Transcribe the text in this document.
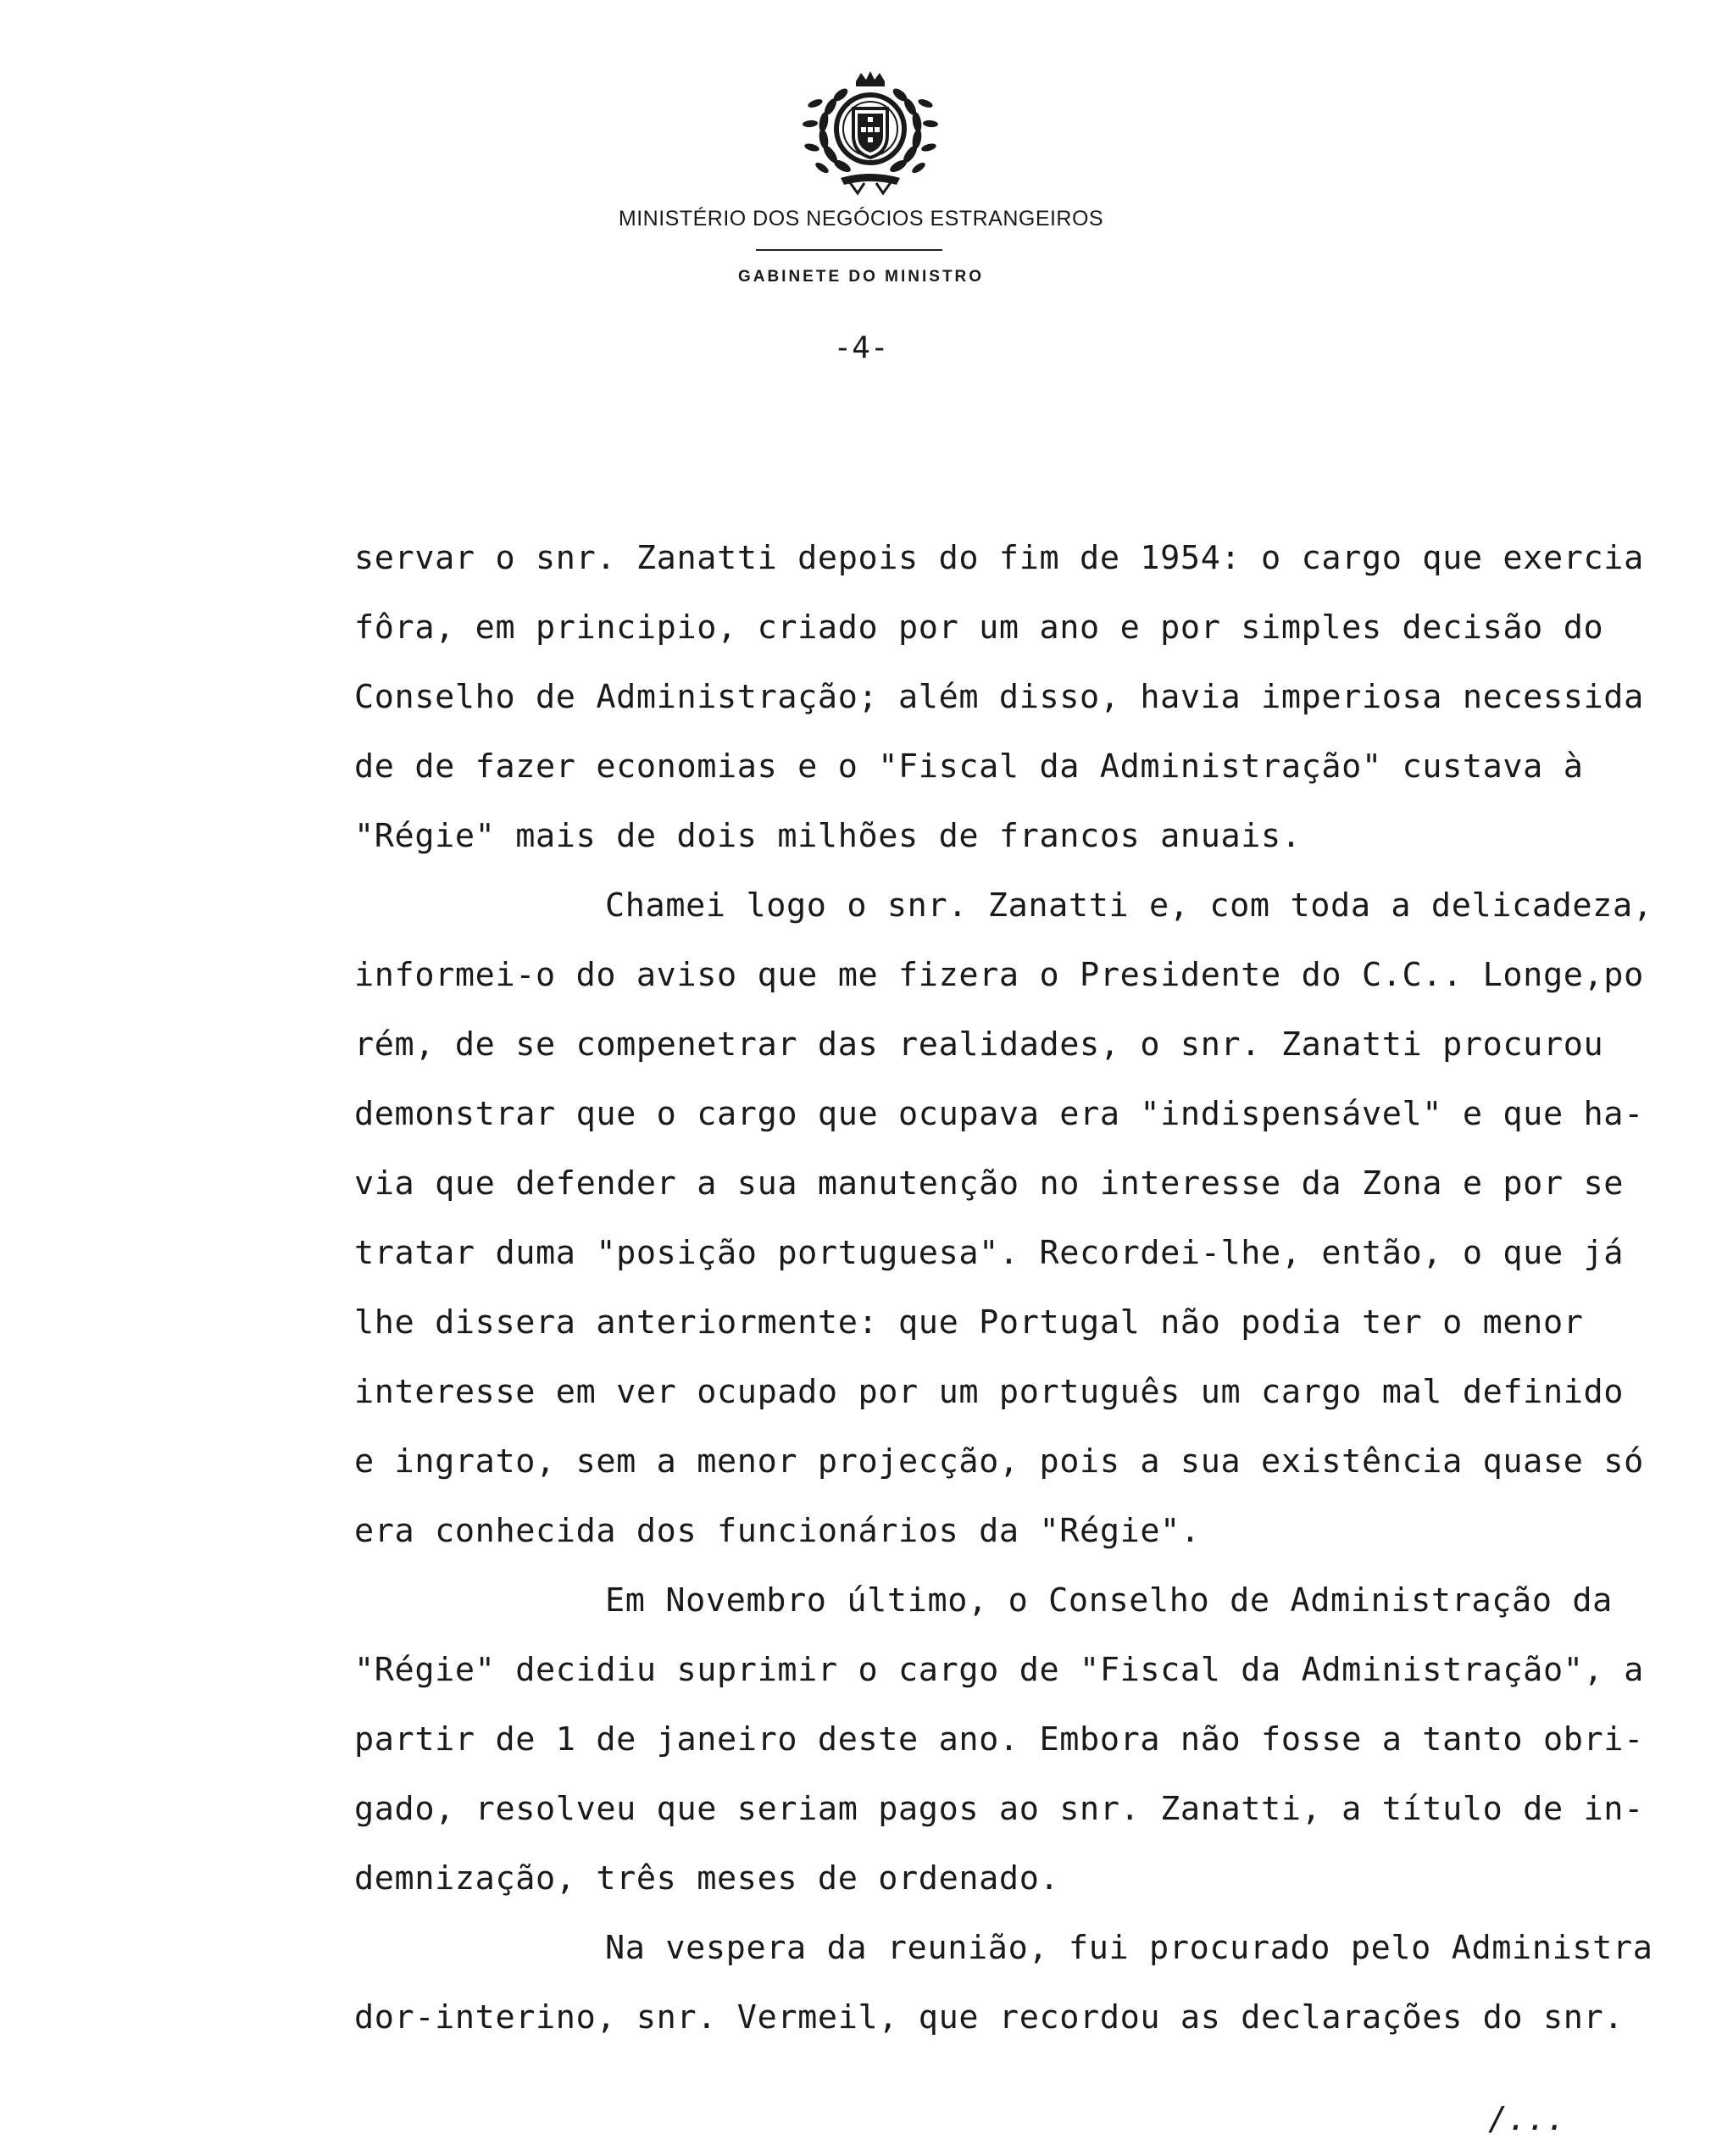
MINISTÉRIO DOS NEGÓCIOS ESTRANGEIROS
GABINETE DO MINISTRO
-4-
servar o snr. Zanatti depois do fim de 1954: o cargo que exercia
fôra, em principio, criado por um ano e por simples decisão do
Conselho de Administração; além disso, havia imperiosa necessida
de de fazer economias e o "Fiscal da Administração" custava à
"Régie" mais de dois milhões de francos anuais.
Chamei logo o snr. Zanatti e, com toda a delicadeza,
informei-o do aviso que me fizera o Presidente do C.C.. Longe,po
rém, de se compenetrar das realidades, o snr. Zanatti procurou
demonstrar que o cargo que ocupava era "indispensável" e que ha-
via que defender a sua manutenção no interesse da Zona e por se
tratar duma "posição portuguesa". Recordei-lhe, então, o que já
lhe dissera anteriormente: que Portugal não podia ter o menor
interesse em ver ocupado por um português um cargo mal definido
e ingrato, sem a menor projecção, pois a sua existência quase só
era conhecida dos funcionários da "Régie".
Em Novembro último, o Conselho de Administração da
"Régie" decidiu suprimir o cargo de "Fiscal da Administração", a
partir de 1 de janeiro deste ano. Embora não fosse a tanto obri-
gado, resolveu que seriam pagos ao snr. Zanatti, a título de in-
demnização, três meses de ordenado.
Na vespera da reunião, fui procurado pelo Administra
dor-interino, snr. Vermeil, que recordou as declarações do snr.
/...
